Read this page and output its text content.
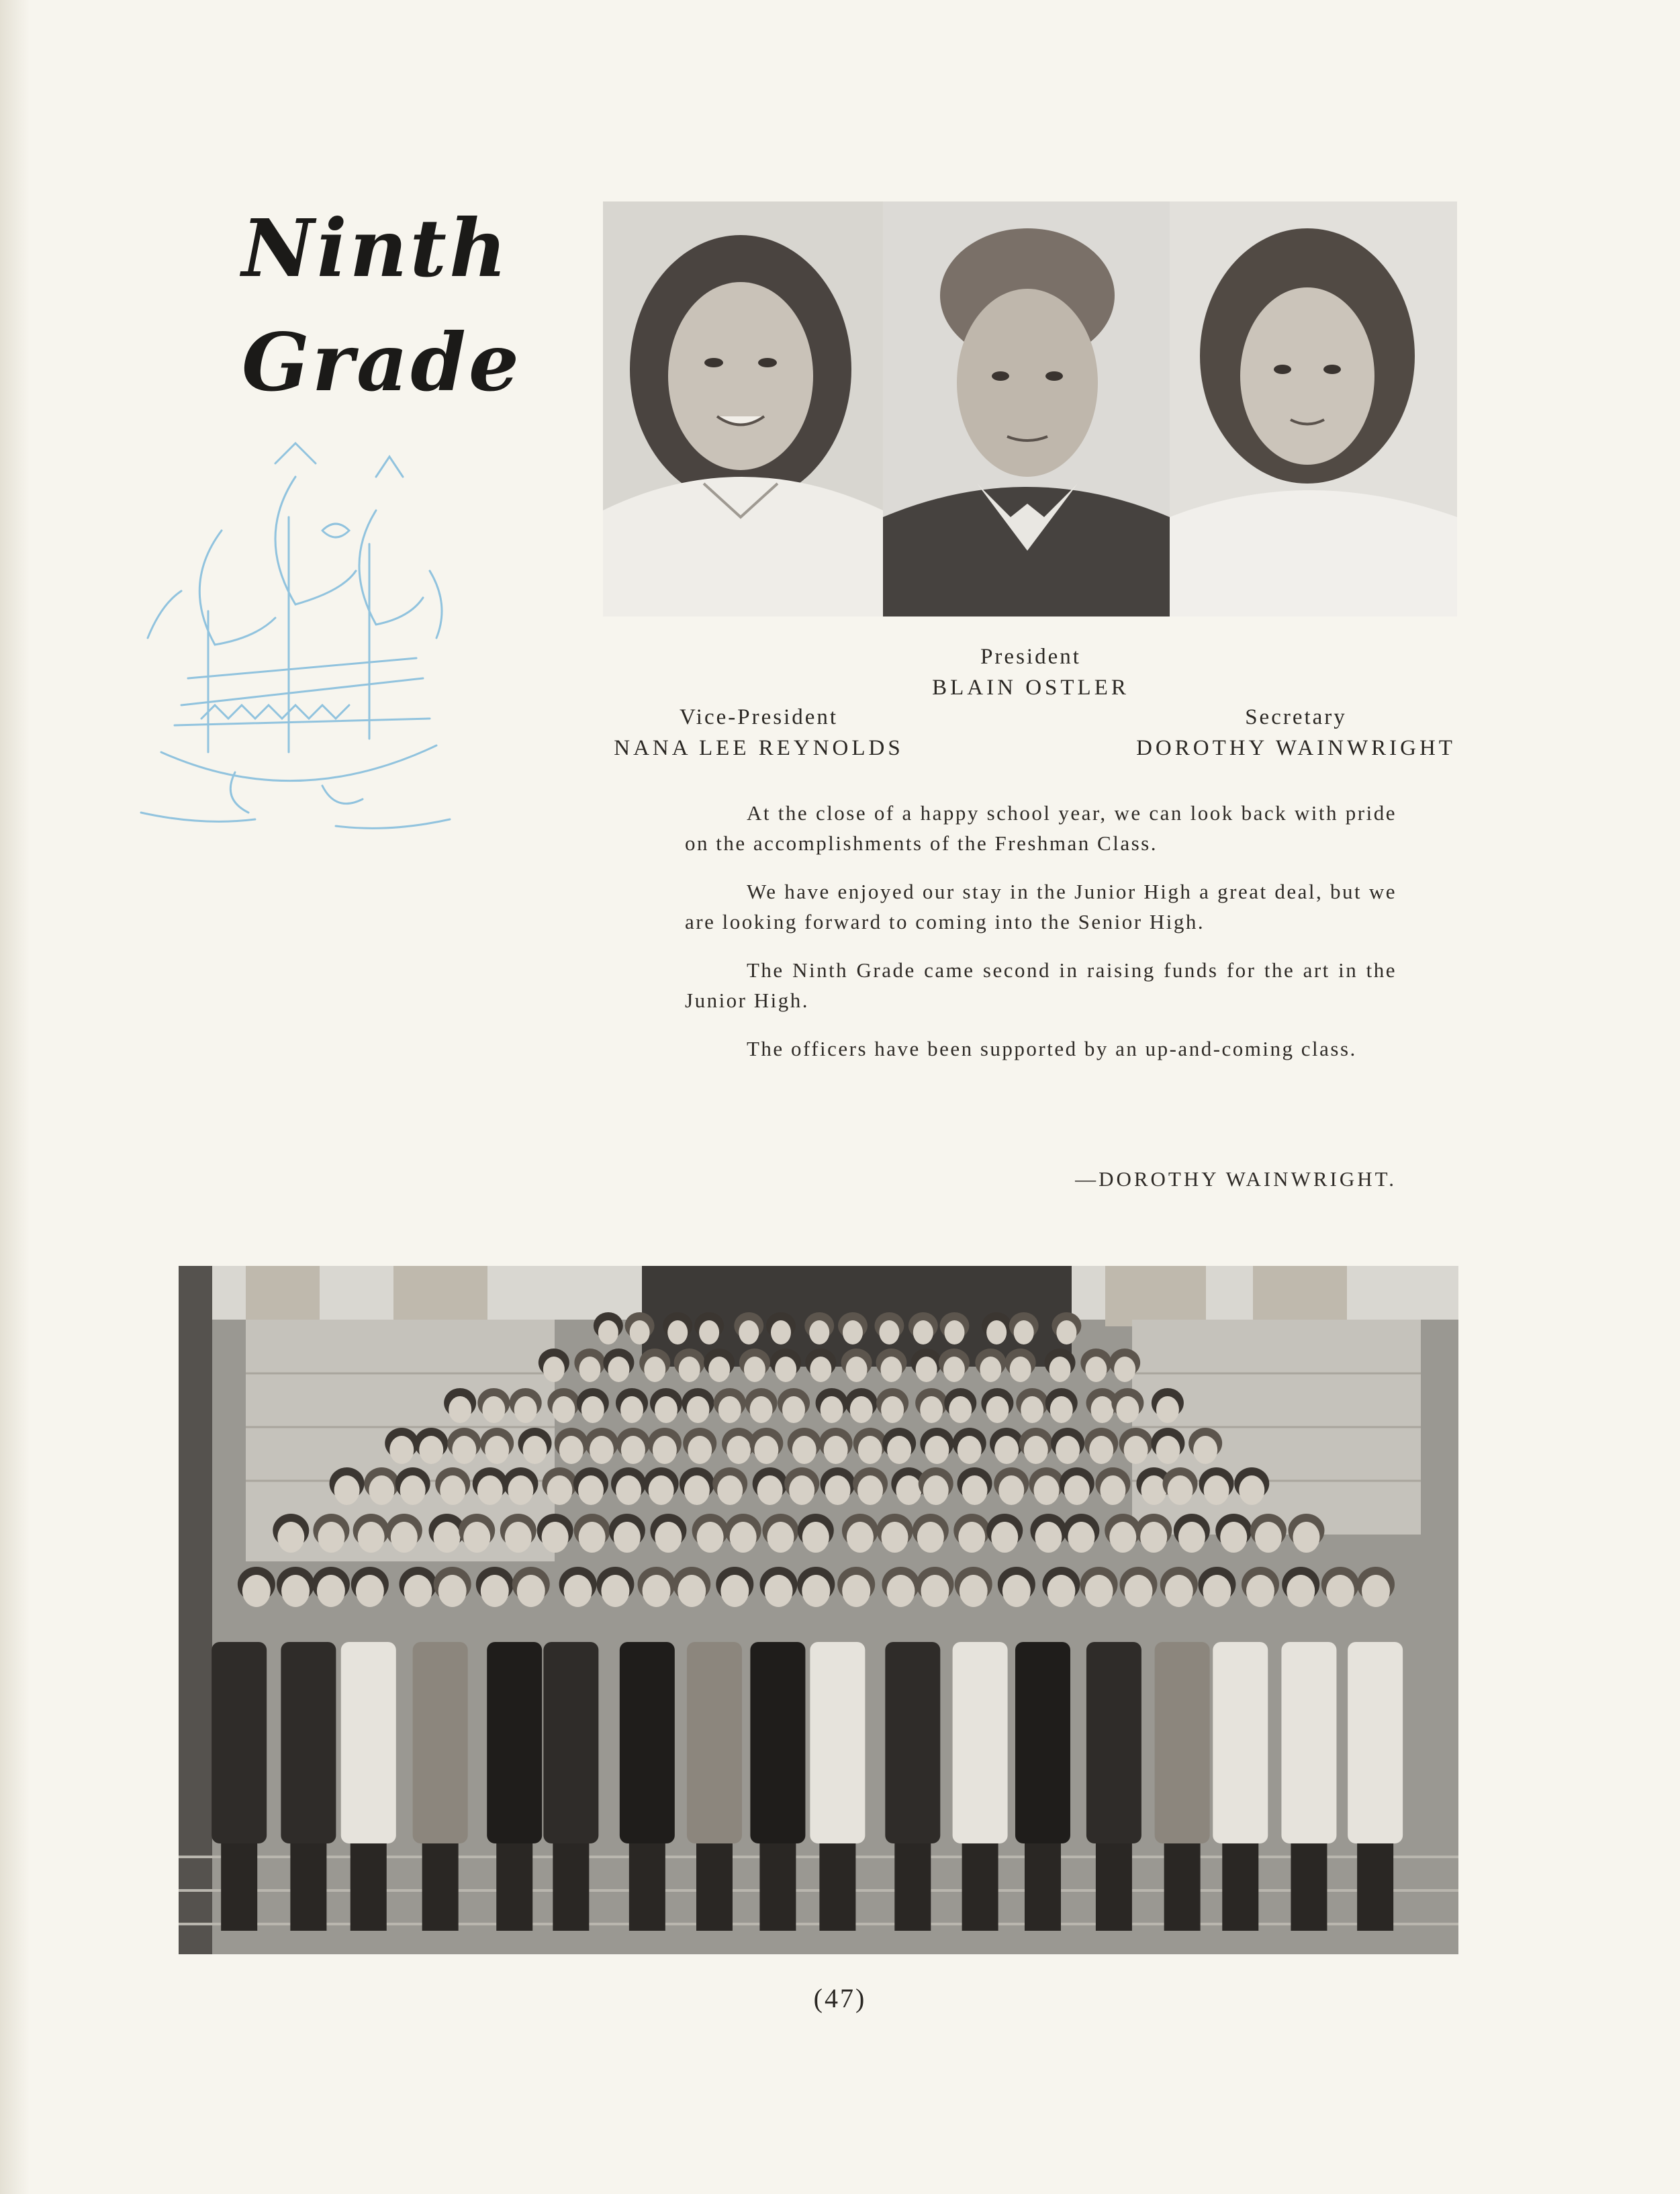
Ninth
Grade
President
BLAIN OSTLER
Vice-President
NANA LEE REYNOLDS
Secretary
DOROTHY WAINWRIGHT

At the close of a happy school year, we can look back with pride on the accomplishments of the Freshman Class.

We have enjoyed our stay in the Junior High a great deal, but we are looking forward to coming into the Senior High.

The Ninth Grade came second in raising funds for the art in the Junior High.

The officers have been supported by an up-and-coming class.

—DOROTHY WAINWRIGHT.
(47)
